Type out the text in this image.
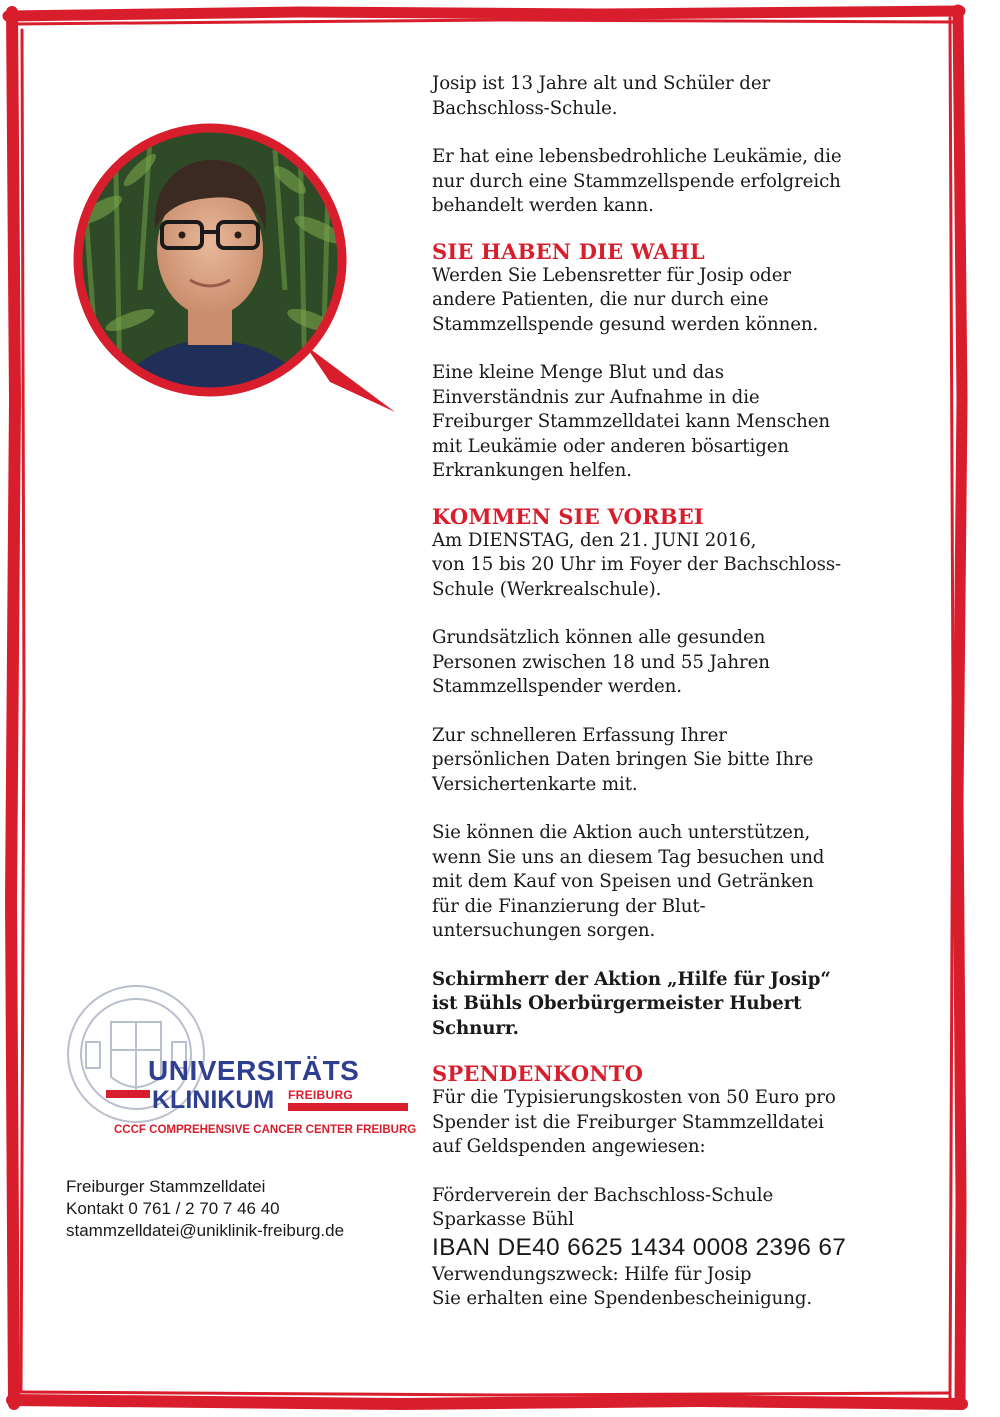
Josip ist 13 Jahre alt und Schüler der
Bachschloss-Schule.

Er hat eine lebensbedrohliche Leukämie, die
nur durch eine Stammzellspende erfolgreich
behandelt werden kann.

SIE HABEN DIE WAHL

Werden Sie Lebensretter für Josip oder
andere Patienten, die nur durch eine
Stammzellspende gesund werden können.

Eine kleine Menge Blut und das
Einverständnis zur Aufnahme in die
Freiburger Stammzelldatei kann Menschen
mit Leukämie oder anderen bösartigen
Erkrankungen helfen.

KOMMEN SIE VORBEI

Am DIENSTAG, den 21. JUNI 2016,
von 15 bis 20 Uhr im Foyer der Bachschloss-
Schule (Werkrealschule).

Grundsätzlich können alle gesunden
Personen zwischen 18 und 55 Jahren
Stammzellspender werden.

Zur schnelleren Erfassung Ihrer
persönlichen Daten bringen Sie bitte Ihre
Versichertenkarte mit.

Sie können die Aktion auch unterstützen,
wenn Sie uns an diesem Tag besuchen und
mit dem Kauf von Speisen und Getränken
für die Finanzierung der Blut-
untersuchungen sorgen.

Schirmherr der Aktion „Hilfe für Josip“
ist Bühls Oberbürgermeister Hubert
Schnurr.

SPENDENKONTO

Für die Typisierungskosten von 50 Euro pro
Spender ist die Freiburger Stammzelldatei
auf Geldspenden angewiesen:

Förderverein der Bachschloss-Schule

Sparkasse Bühl

IBAN DE40 6625 1434 0008 2396 67

Verwendungszweck: Hilfe für Josip

Sie erhalten eine Spendenbescheinigung.

UNIVERSITÄTS
KLINIKUM FREIBURG
CCCF COMPREHENSIVE CANCER CENTER FREIBURG
Freiburger Stammzelldatei
Kontakt 0 761 / 2 70 7 46 40
stammzelldatei@uniklinik-freiburg.de
